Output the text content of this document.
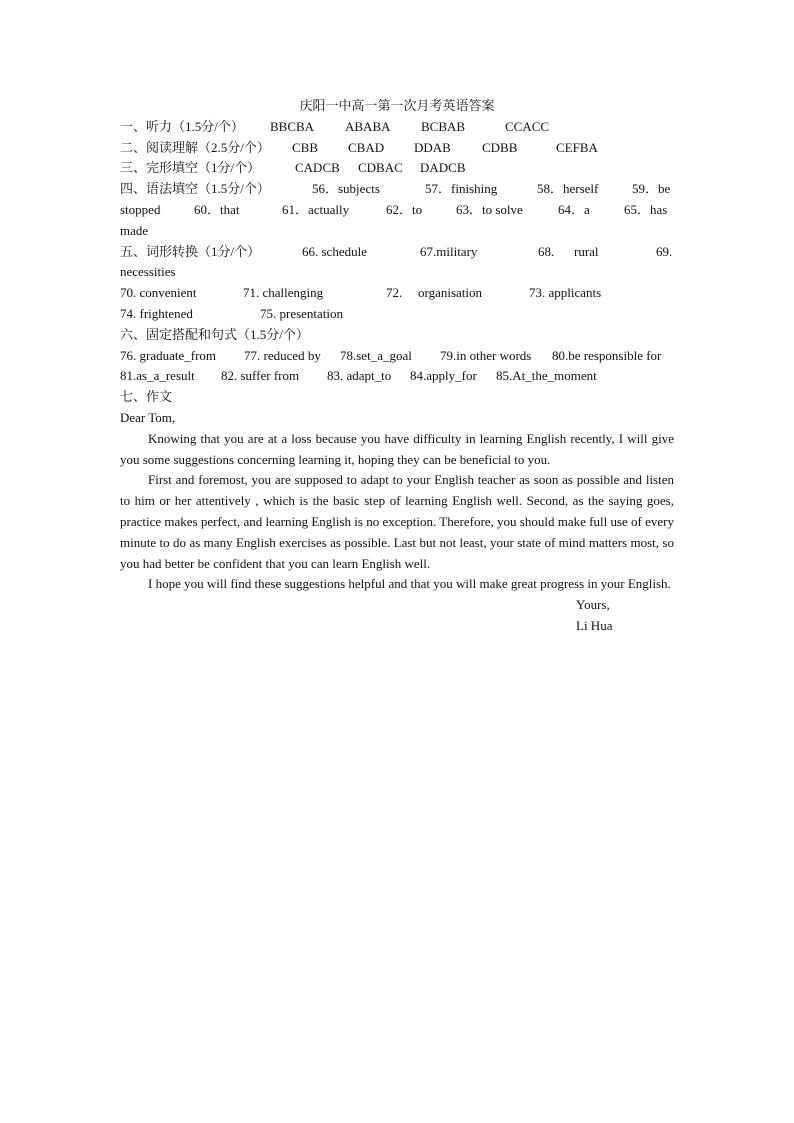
庆阳一中高一第一次月考英语答案

一、听力（1.5分/个） BBCBA ABABA BCBAB	CCACC

二、阅读理解（2.5分/个） CBB CBAD DDAB CDBB	CEFBA

三、完形填空（1分/个）	CADCB CDBAC DADCB

四、语法填空（1.5分/个）	56．subjects	57．finishing	58．herself	59．be

stopped	60．that	61．actually	62．to	63．to solve	64．a	65．has

made

五、词形转换（1分/个）	66. schedule	67.military	68. rural	69.

necessities

70. convenient	71. challenging	72. organisation	73. applicants

74. frightened	75. presentation

六、固定搭配和句式（1.5分/个）

76. graduate_from 77. reduced by 78.set_a_goal 79.in other words 80.be responsible for

81.as_a_result 82. suffer from 83. adapt_to 84.apply_for 85.At_the_moment

七、作文

Dear Tom,

Knowing that you are at a loss because you have difficulty in learning English recently, I will give you some suggestions concerning learning it, hoping they can be beneficial to you.

First and foremost, you are supposed to adapt to your English teacher as soon as possible and listen to him or her attentively , which is the basic step of learning English well. Second, as the saying goes, practice makes perfect, and learning English is no exception. Therefore, you should make full use of every minute to do as many English exercises as possible. Last but not least, your state of mind matters most, so you had better be confident that you can learn English well.

I hope you will find these suggestions helpful and that you will make great progress in your English.

Yours,

Li Hua
